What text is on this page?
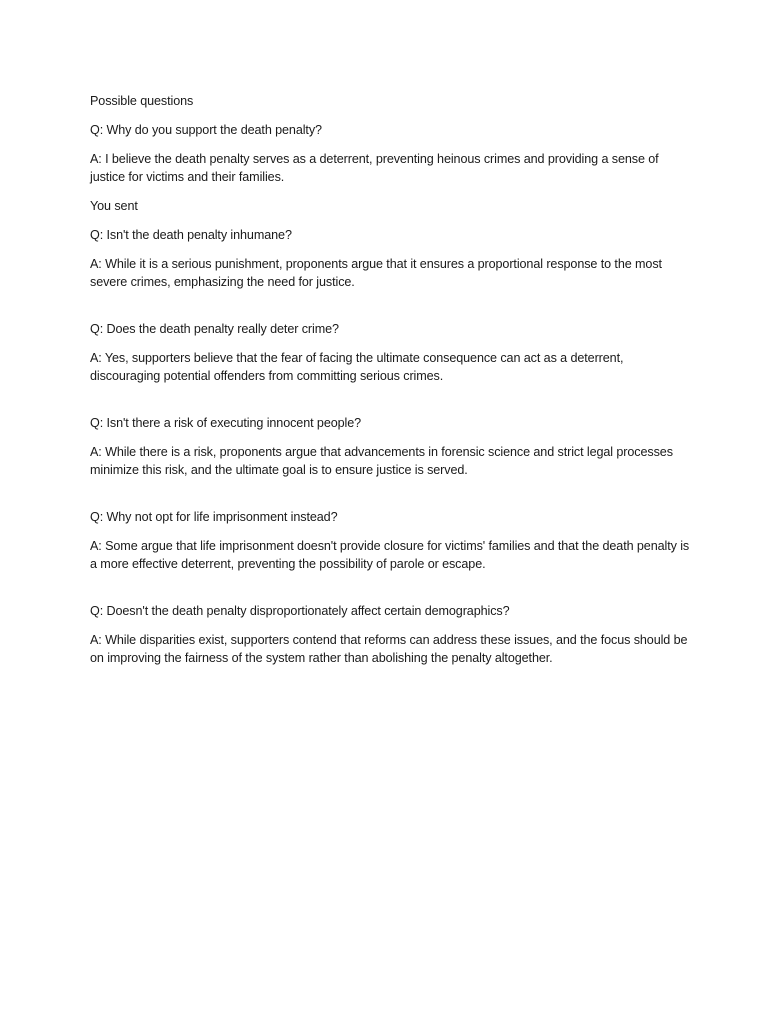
Possible questions

Q: Why do you support the death penalty?

A: I believe the death penalty serves as a deterrent, preventing heinous crimes and providing a sense of justice for victims and their families.

You sent

Q: Isn't the death penalty inhumane?

A: While it is a serious punishment, proponents argue that it ensures a proportional response to the most severe crimes, emphasizing the need for justice.

Q: Does the death penalty really deter crime?

A: Yes, supporters believe that the fear of facing the ultimate consequence can act as a deterrent, discouraging potential offenders from committing serious crimes.

Q: Isn't there a risk of executing innocent people?

A: While there is a risk, proponents argue that advancements in forensic science and strict legal processes minimize this risk, and the ultimate goal is to ensure justice is served.

Q: Why not opt for life imprisonment instead?

A: Some argue that life imprisonment doesn't provide closure for victims' families and that the death penalty is a more effective deterrent, preventing the possibility of parole or escape.

Q: Doesn't the death penalty disproportionately affect certain demographics?

A: While disparities exist, supporters contend that reforms can address these issues, and the focus should be on improving the fairness of the system rather than abolishing the penalty altogether.
